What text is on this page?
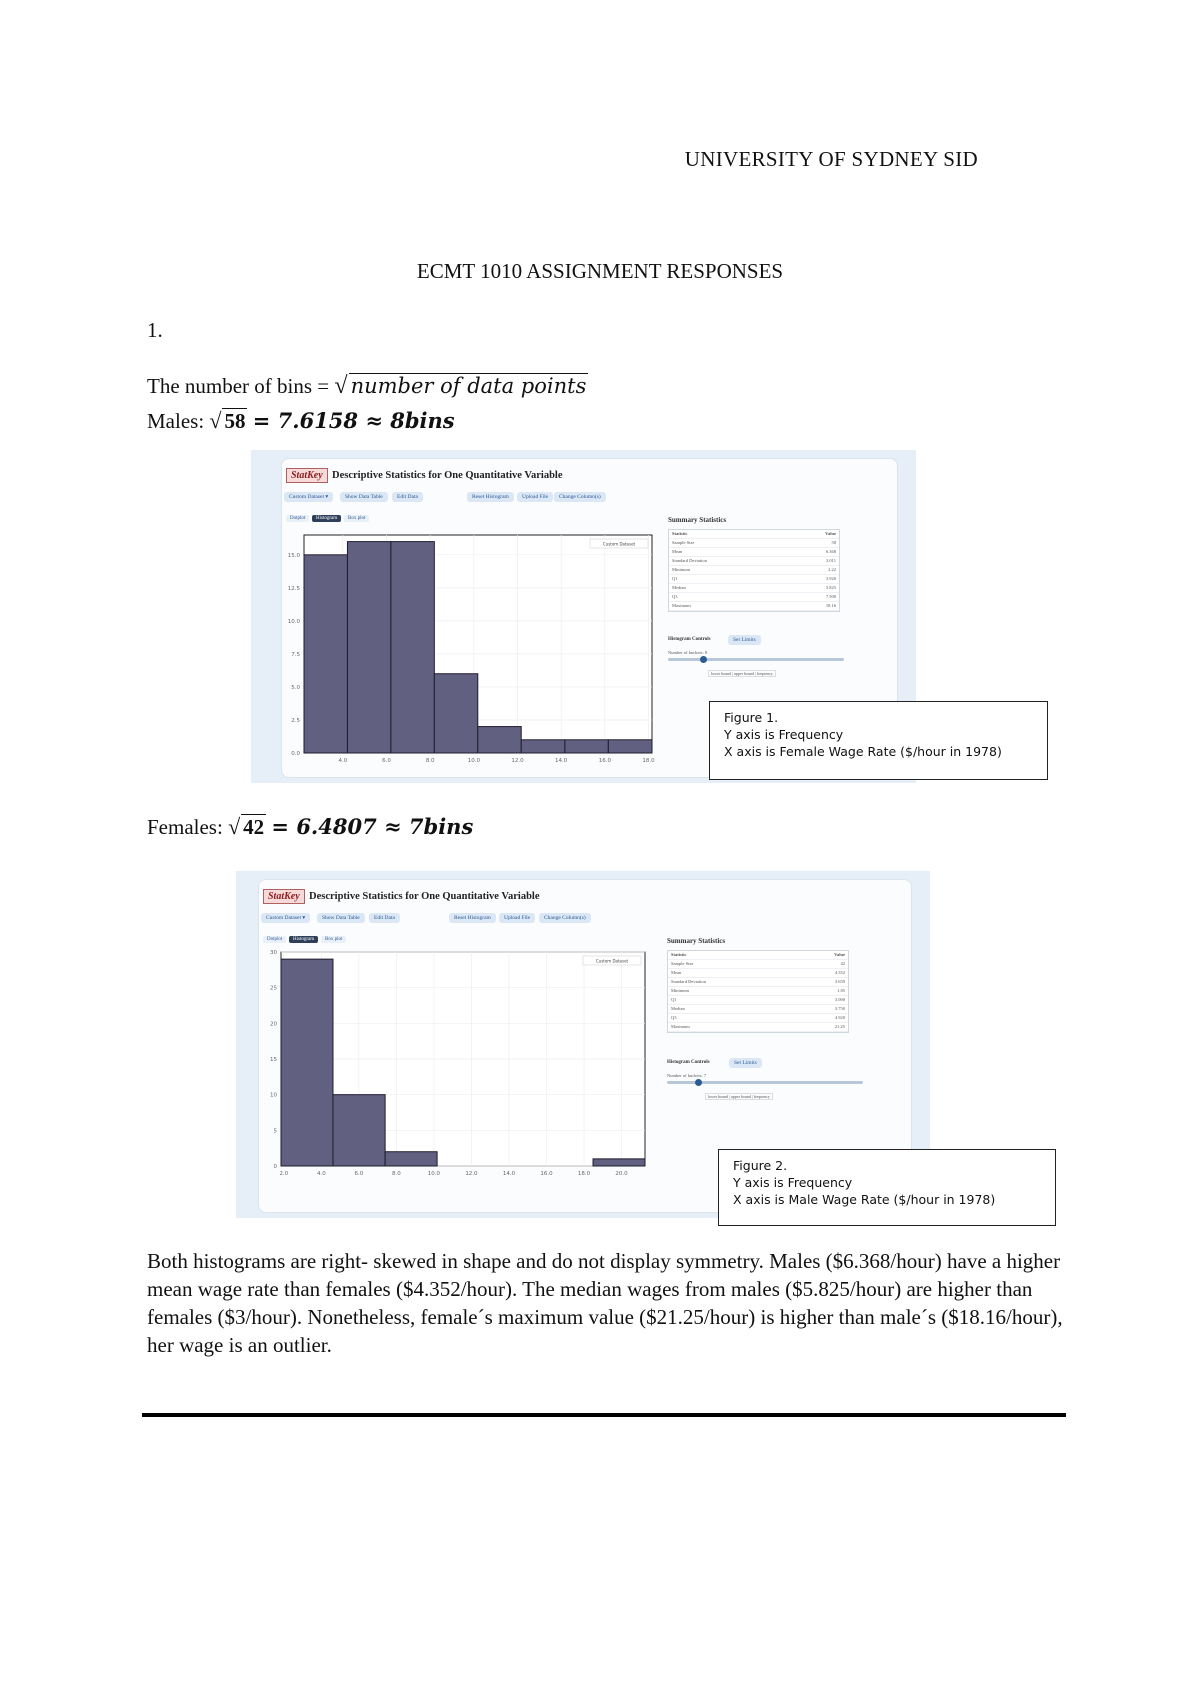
UNIVERSITY OF SYDNEY SID
ECMT 1010 ASSIGNMENT RESPONSES
1.
The number of bins = √ number of data points
Males: √ 58 = 7.6158 ≈ 8bins
StatKey Descriptive Statistics for One Quantitative Variable
Custom Dataset ▾	Show Data Table	Edit Data	Reset Histogram	Upload File	Change Column(s)
Dotplot	Histogram	Box plot
0.0
2.5
5.0
7.5
10.0
12.5
15.0
4.0	6.0	8.0	10.0	12.0	14.0	16.0	18.0
Custom Dataset
Summary Statistics
Statistic	Value
Sample Size	58
Mean	6.368
Standard Deviation	3.011
Minimum	2.22
Q1	3.920
Median	5.825
Q3	7.500
Maximum	18.16
Histogram Controls	Set Limits
Number of buckets: 8
lower bound | upper bound | frequency
Figure 1.
Y axis is Frequency
X axis is Female Wage Rate ($/hour in 1978)
Females: √ 42 = 6.4807 ≈ 7bins
StatKey Descriptive Statistics for One Quantitative Variable
Custom Dataset ▾	Show Data Table	Edit Data	Reset Histogram	Upload File	Change Column(s)
Dotplot	Histogram	Box plot
0
5
10
15
20
25
30
2.0	4.0	6.0	8.0	10.0	12.0	14.0	16.0	18.0	20.0
Custom Dataset
Summary Statistics
Statistic	Value
Sample Size	42
Mean	4.352
Standard Deviation	3.659
Minimum	1.85
Q1	3.000
Median	3.750
Q3	4.920
Maximum	21.25
Histogram Controls	Set Limits
Number of buckets: 7
lower bound | upper bound | frequency
Figure 2.
Y axis is Frequency
X axis is Male Wage Rate ($/hour in 1978)
Both histograms are right- skewed in shape and do not display symmetry. Males ($6.368/hour) have a higher mean wage rate than females ($4.352/hour). The median wages from males ($5.825/hour) are higher than females ($3/hour). Nonetheless, female´s maximum value ($21.25/hour) is higher than male´s ($18.16/hour), her wage is an outlier.
